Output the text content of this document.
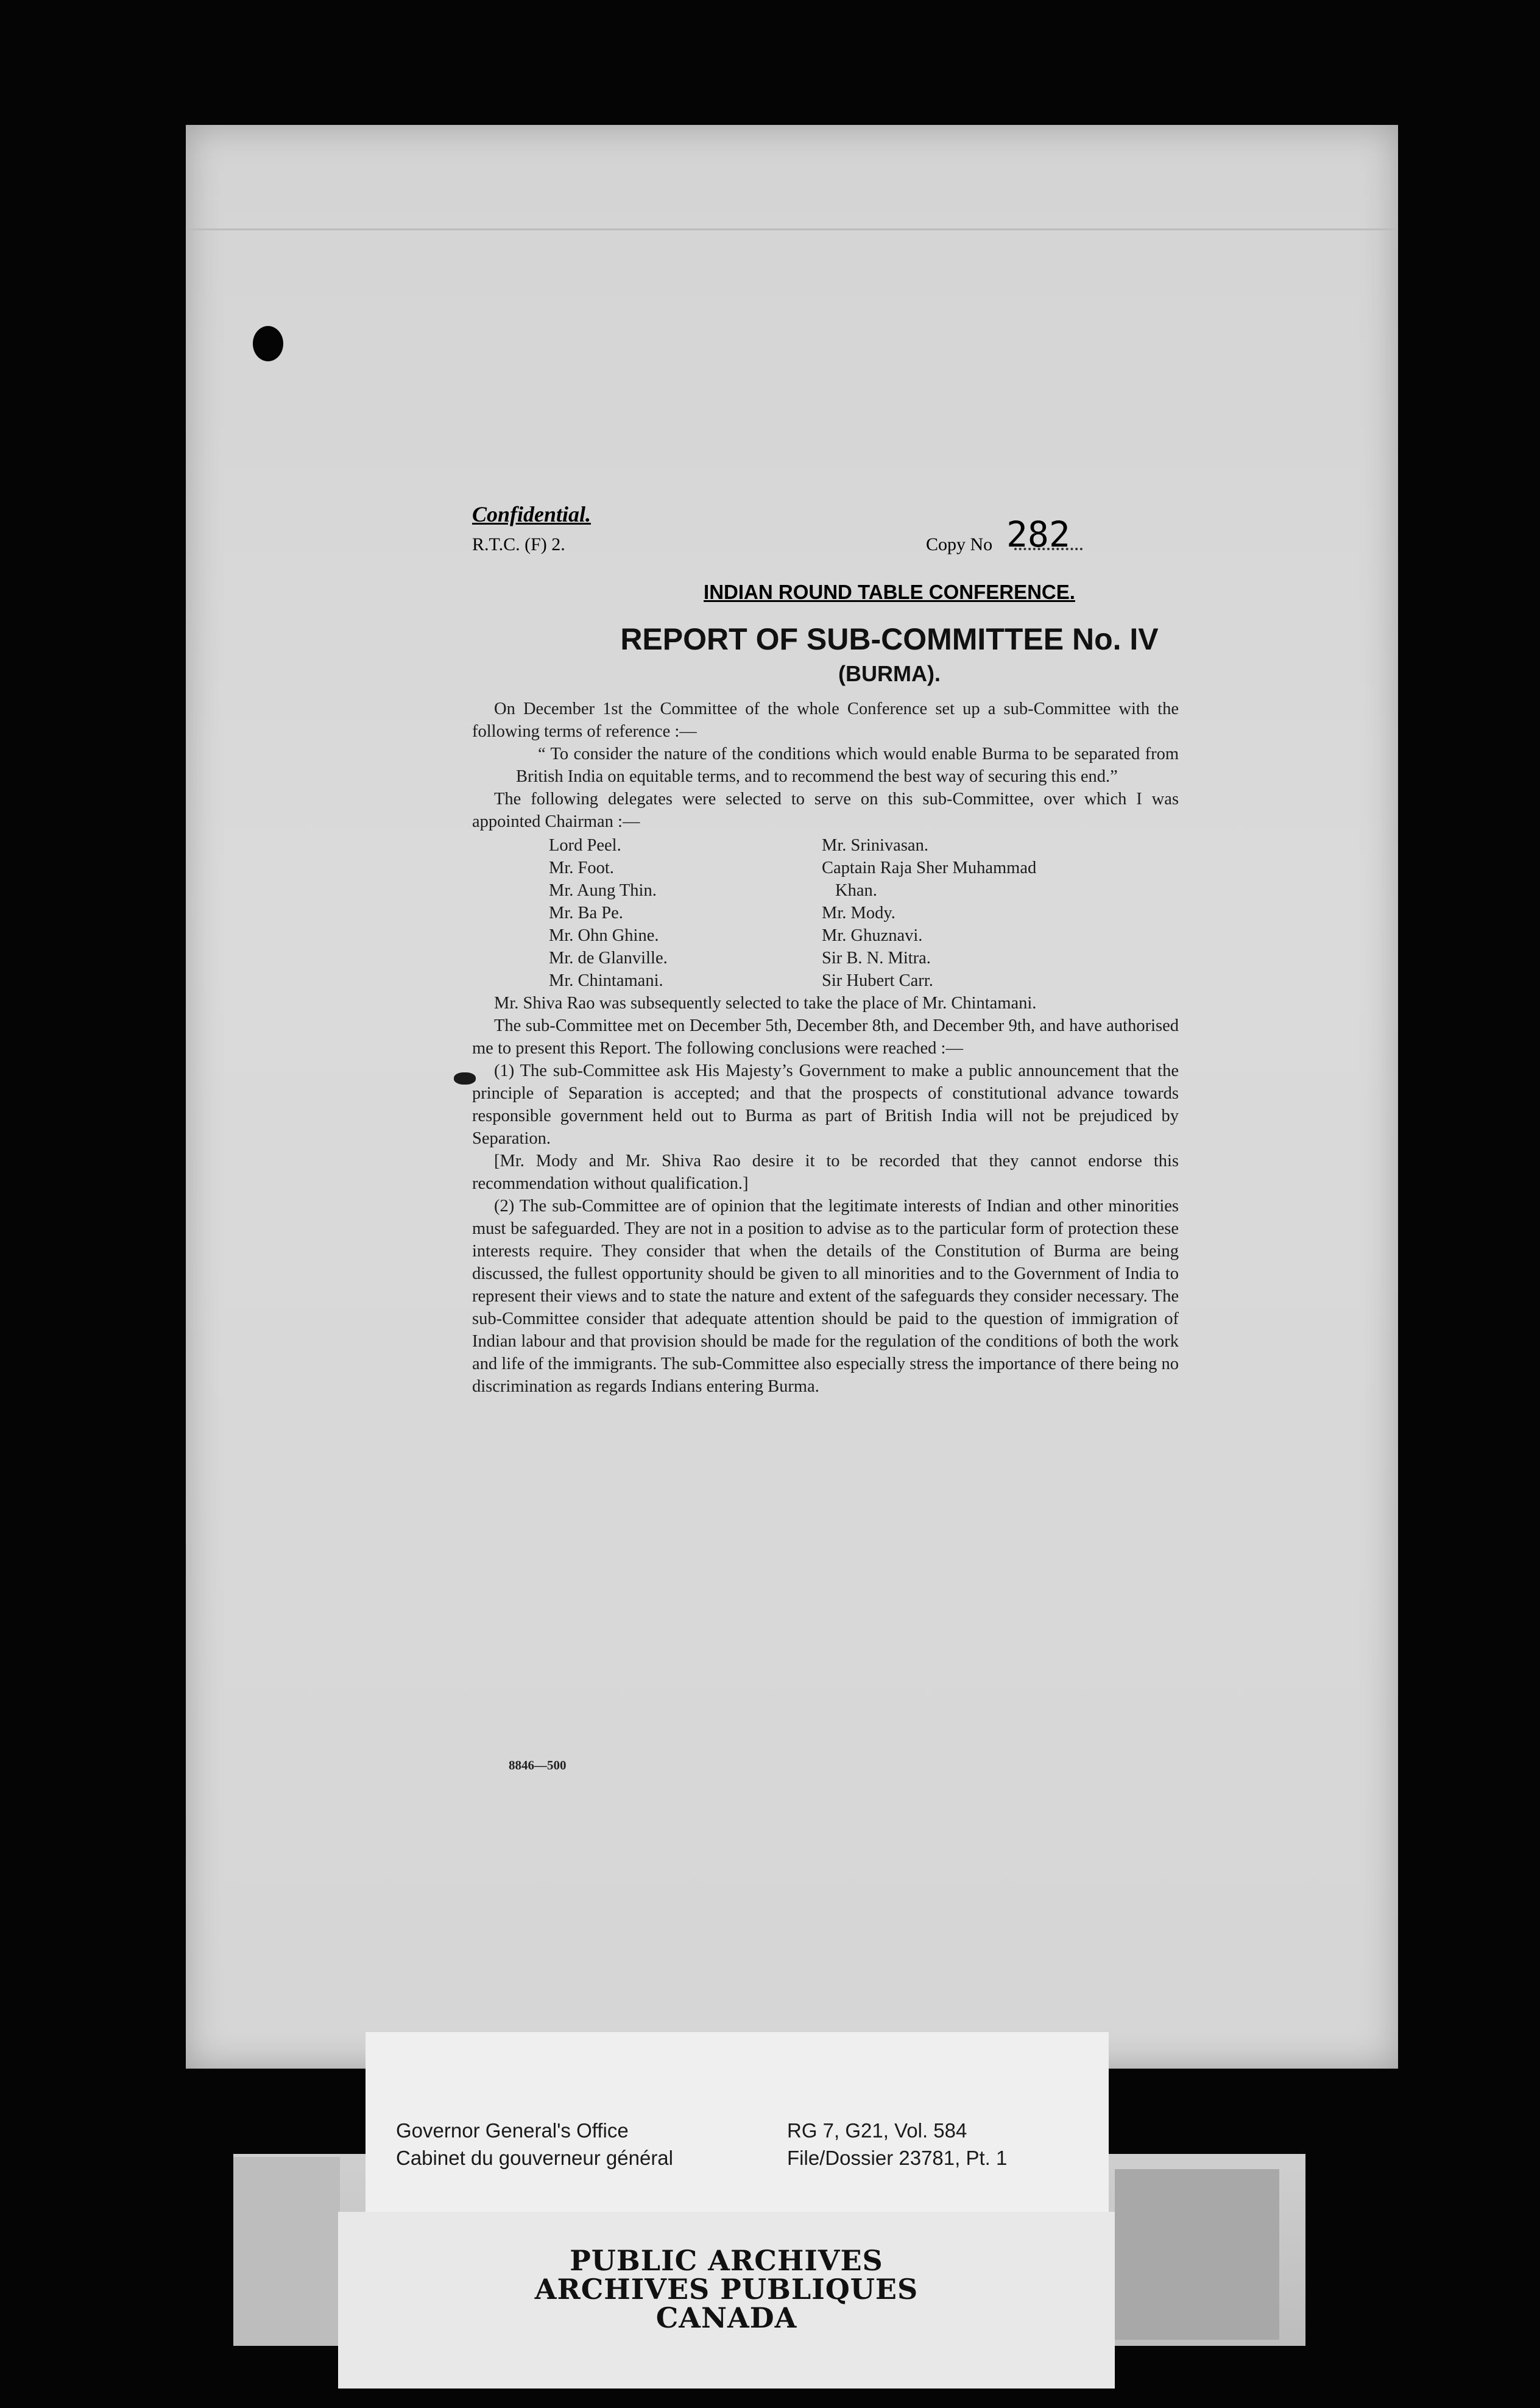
Confidential.
R.T.C. (F) 2.	Copy No 282
INDIAN ROUND TABLE CONFERENCE.
REPORT OF SUB-COMMITTEE No. IV
(BURMA).

On December 1st the Committee of the whole Conference set up a sub-Committee with the following terms of reference :—

“ To consider the nature of the conditions which would enable Burma to be separated from British India on equitable terms, and to recommend the best way of securing this end.”

The following delegates were selected to serve on this sub-Committee, over which I was appointed Chairman :—

Lord Peel.
Mr. Foot.
Mr. Aung Thin.
Mr. Ba Pe.
Mr. Ohn Ghine.
Mr. de Glanville.
Mr. Chintamani.
Mr. Srinivasan.
Captain Raja Sher Muhammad
Khan.
Mr. Mody.
Mr. Ghuznavi.
Sir B. N. Mitra.
Sir Hubert Carr.

Mr. Shiva Rao was subsequently selected to take the place of Mr. Chintamani.

The sub-Committee met on December 5th, December 8th, and December 9th, and have authorised me to present this Report. The following conclusions were reached :—

(1) The sub-Committee ask His Majesty’s Government to make a public announcement that the principle of Separation is accepted; and that the prospects of constitutional advance towards responsible government held out to Burma as part of British India will not be prejudiced by Separation.

[Mr. Mody and Mr. Shiva Rao desire it to be recorded that they cannot endorse this recommendation without qualification.]

(2) The sub-Committee are of opinion that the legitimate interests of Indian and other minorities must be safeguarded. They are not in a position to advise as to the particular form of protection these interests require. They consider that when the details of the Constitution of Burma are being discussed, the fullest opportunity should be given to all minorities and to the Government of India to represent their views and to state the nature and extent of the safeguards they consider necessary. The sub-Committee consider that adequate attention should be paid to the question of immigration of Indian labour and that provision should be made for the regulation of the conditions of both the work and life of the immigrants. The sub-Committee also especially stress the importance of there being no discrimination as regards Indians entering Burma.

8846—500
Governor General's Office
Cabinet du gouverneur général
RG 7, G21, Vol. 584
File/Dossier 23781, Pt. 1
PUBLIC ARCHIVES
ARCHIVES PUBLIQUES
CANADA
